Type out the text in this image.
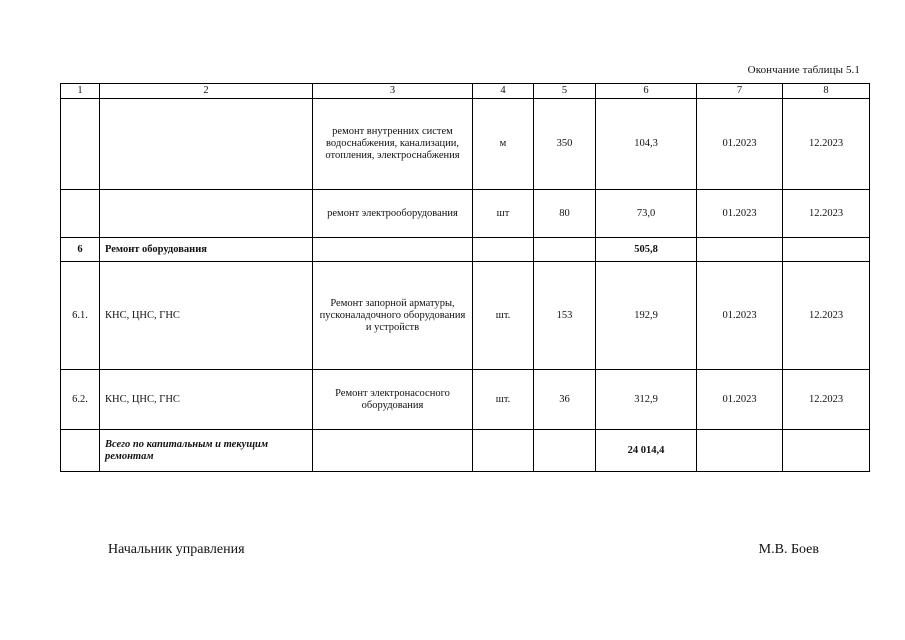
Окончание таблицы 5.1
1	2	3	4	5	6	7	8
		ремонт внутренних систем водоснабжения, канализации, отопления, электроснабжения	м	350	104,3	01.2023	12.2023
		ремонт электрооборудования	шт	80	73,0	01.2023	12.2023
6	Ремонт оборудования				505,8		
6.1.	КНС, ЦНС, ГНС	Ремонт запорной арматуры, пусконаладочного оборудования и устройств	шт.	153	192,9	01.2023	12.2023
6.2.	КНС, ЦНС, ГНС	Ремонт электронасосного оборудования	шт.	36	312,9	01.2023	12.2023
	Всего по капитальным и текущим ремонтам				24 014,4		
Начальник управления	М.В. Боев
